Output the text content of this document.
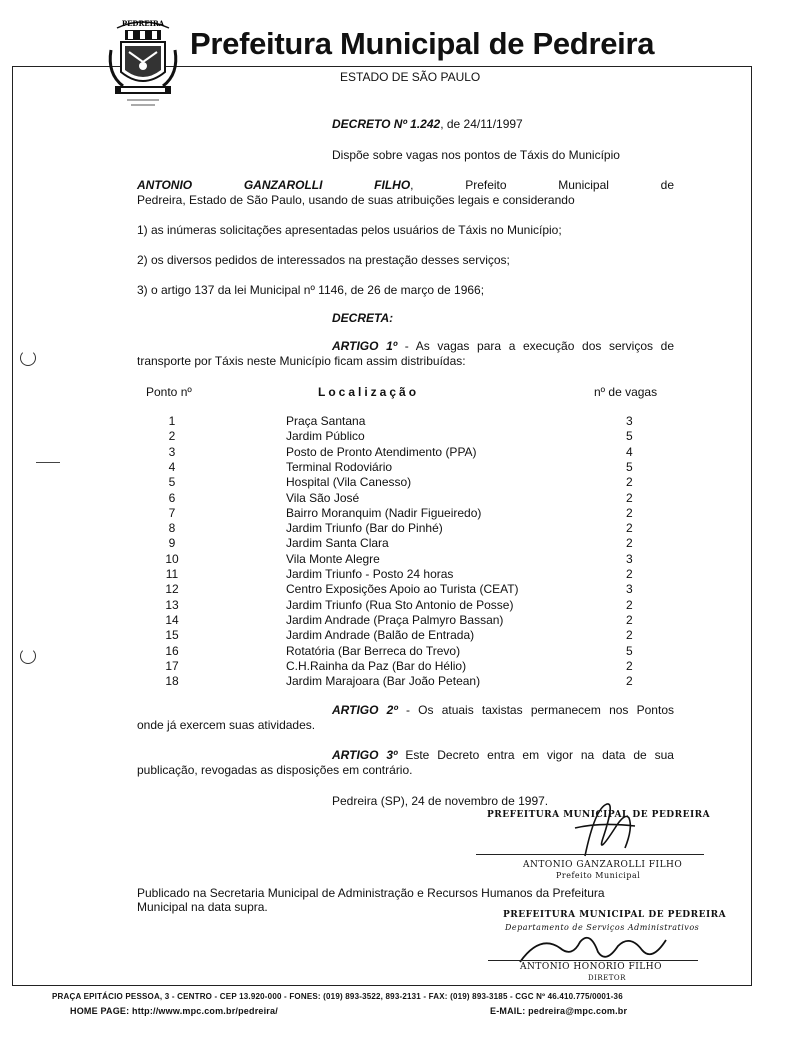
PEDREIRA
Prefeitura Municipal de Pedreira
ESTADO DE SÃO PAULO
DECRETO Nº 1.242, de 24/11/1997
Dispõe sobre vagas nos pontos de Táxis do Município
ANTONIO GANZAROLLI FILHO, Prefeito Municipal de
Pedreira, Estado de São Paulo, usando de suas atribuições legais e considerando
1) as inúmeras solicitações apresentadas pelos usuários de Táxis no Município;
2) os diversos pedidos de interessados na prestação desses serviços;
3) o artigo 137 da lei Municipal nº 1146, de 26 de março de 1966;
DECRETA:
ARTIGO 1º - As vagas para a execução dos serviços de
transporte por Táxis neste Município ficam assim distribuídas:
Ponto nº	Localização	nº de vagas
1	Praça Santana	3
2	Jardim Público	5
3	Posto de Pronto Atendimento (PPA)	4
4	Terminal Rodoviário	5
5	Hospital (Vila Canesso)	2
6	Vila São José	2
7	Bairro Moranquim (Nadir Figueiredo)	2
8	Jardim Triunfo (Bar do Pinhé)	2
9	Jardim Santa Clara	2
10	Vila Monte Alegre	3
11	Jardim Triunfo - Posto 24 horas	2
12	Centro Exposições Apoio ao Turista (CEAT)	3
13	Jardim Triunfo (Rua Sto Antonio de Posse)	2
14	Jardim Andrade (Praça Palmyro Bassan)	2
15	Jardim Andrade (Balão de Entrada)	2
16	Rotatória (Bar Berreca do Trevo)	5
17	C.H.Rainha da Paz (Bar do Hélio)	2
18	Jardim Marajoara (Bar João Petean)	2
ARTIGO 2º - Os atuais taxistas permanecem nos Pontos
onde já exercem suas atividades.
ARTIGO 3º Este Decreto entra em vigor na data de sua
publicação, revogadas as disposições em contrário.
Pedreira (SP), 24 de novembro de 1997.
PREFEITURA MUNICIPAL DE PEDREIRA
ANTONIO GANZAROLLI FILHO
Prefeito Municipal
Publicado na Secretaria Municipal de Administração e Recursos Humanos da Prefeitura
Municipal na data supra.
PREFEITURA MUNICIPAL DE PEDREIRA
Departamento de Serviços Administrativos
ANTONIO HONORIO FILHO
DIRETOR
PRAÇA EPITÁCIO PESSOA, 3 - CENTRO - CEP 13.920-000 - FONES: (019) 893-3522, 893-2131 - FAX: (019) 893-3185 - CGC Nº 46.410.775/0001-36
HOME PAGE: http://www.mpc.com.br/pedreira/	E-MAIL: pedreira@mpc.com.br
